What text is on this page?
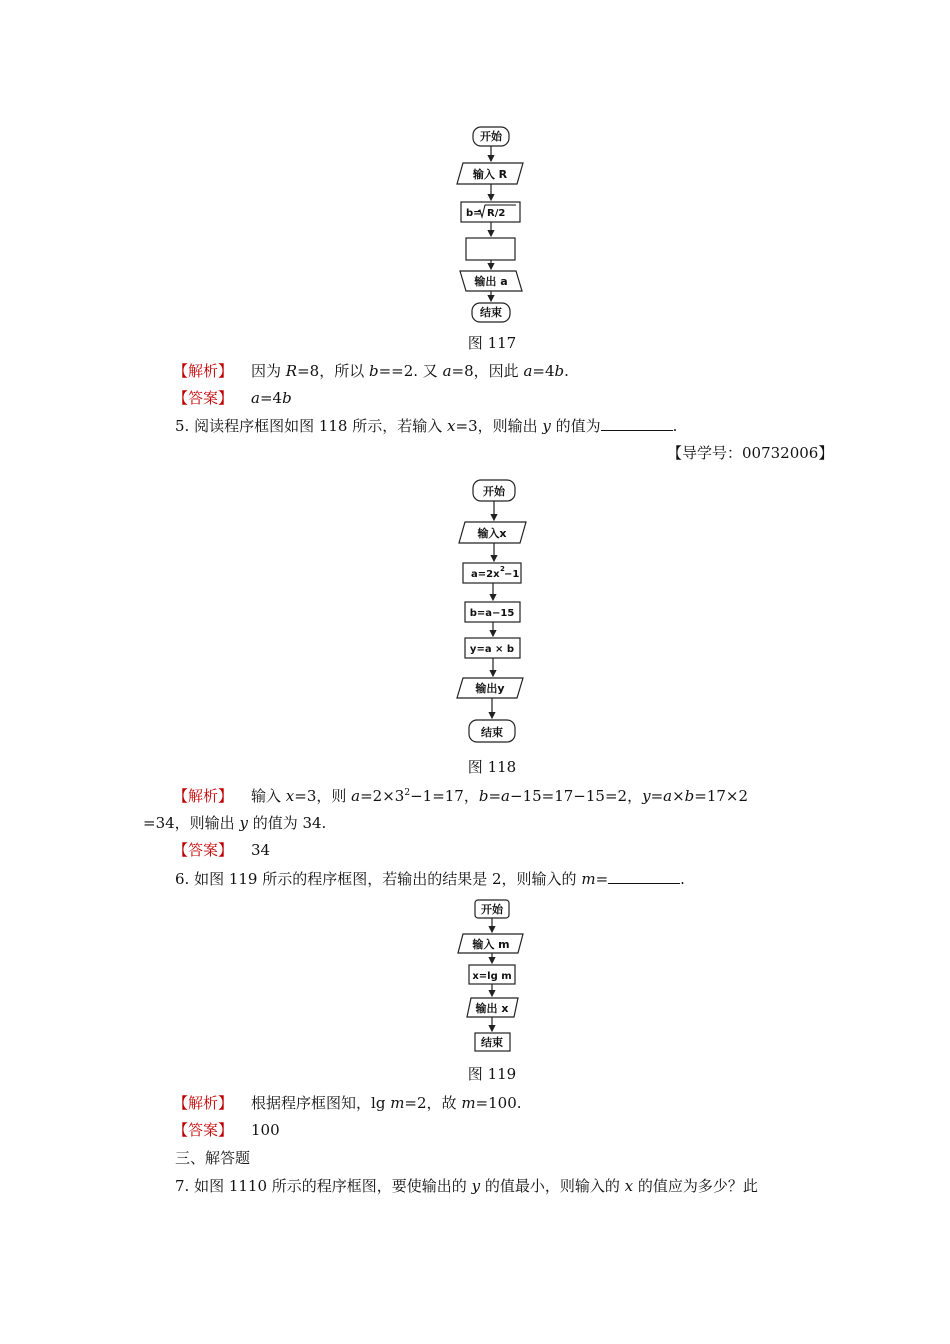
开始
输入 R
b= R/2
输出 a
结束
开始
输入x
a=2x 2 −1
b=a−15
y=a × b
输出y
结束
开始
输入 m
x=lg m
输出 x
结束
图 117
图 118
图 119
【解析】 因为 R=8，所以 b==2. 又 a=8，因此 a=4b.
【答案】 a=4b
5. 阅读程序框图如图 118 所示，若输入 x=3，则输出 y 的值为	.
【导学号：00732006】
【解析】 输入 x=3，则 $a=2\times 3^2-1=17$，b=a−15=17−15=2，y=a×b=17×2
=34，则输出 y 的值为 34.
【答案】 34
6. 如图 119 所示的程序框图，若输出的结果是 2，则输入的 m=	.
【解析】 根据程序框图知，lg m=2，故 m=100.
【答案】 100
三、解答题
7. 如图 1110 所示的程序框图，要使输出的 y 的值最小，则输入的 x 的值应为多少？此
